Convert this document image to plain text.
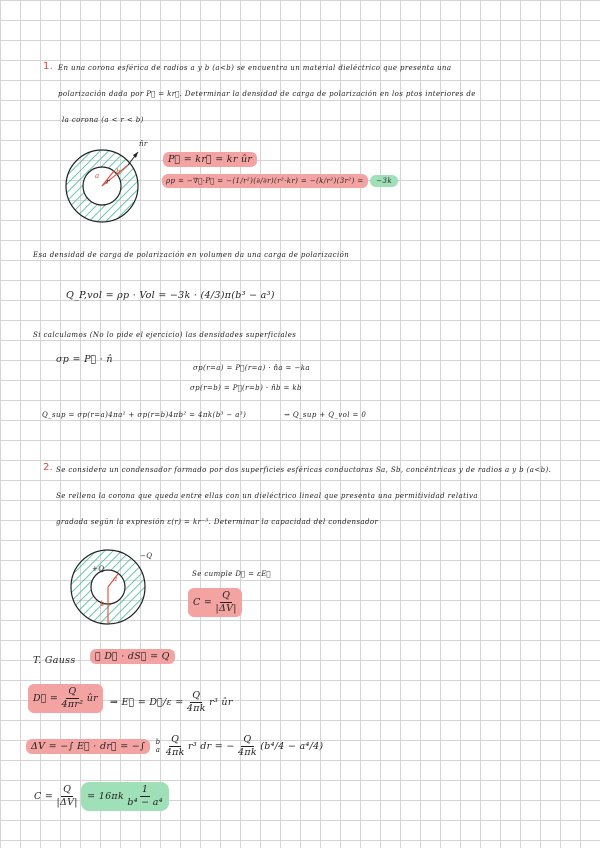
1. En una corona esférica de radios a y b (a<b) se encuentra un material dieléctrico que presenta una
polarización dada por P⃗ = kr⃗. Determinar la densidad de carga de polarización en los ptos interiores de
la corona (a < r < b)
n̂r
a b
r
P⃗ = kr⃗ = kr ûr
ρp = −∇⃗·P⃗ = −(1/r²)(∂/∂r)(r²·kr) = −(k/r²)(3r²) = −3k
Esa densidad de carga de polarización en volumen da una carga de polarización
Q_P,vol = ρp · Vol = −3k · (4/3)π(b³ − a³)
Si calculamos (No lo pide el ejercicio) las densidades superficiales
σp = P⃗ · n̂
σp(r=a) = P⃗(r=a) · n̂a = −ka
σp(r=b) = P⃗(r=b) · n̂b = kb
Q_sup = σp(r=a)4πa² + σp(r=b)4πb² = 4πk(b³ − a³)	⇝ Q_sup + Q_vol = 0
2. Se considera un condensador formado por dos superficies esféricas conductoras Sa, Sb, concéntricas y de radios a y b (a<b).
Se rellena la corona que queda entre ellas con un dieléctrico lineal que presenta una permitividad relativa
gradada según la expresión ε(r) = kr⁻³. Determinar la capacidad del condensador
−Q
+Q
a
b
Se cumple D⃗ = εE⃗
$C = \frac{Q}{|\Delta V|}$
T. Gauss	∯ D⃗ · dS⃗ = Q
D⃗ = $\frac{Q}{\text{4πr²}}$ ûr	⇒ E⃗ = D⃗/ε = $\frac{Q}{4\pi k} r^3$ ûr
ΔV = −∫ E⃗ · dr⃗ = −∫ b
a
$\frac{Q}{4\pi k} r^3$ dr = − $\frac{Q}{4\pi k} (b^4/4 - a^4/4)$
$C = \frac{Q}{|\Delta V|} = 16\pi k \frac{1}{\text{b⁴ − a⁴}}$
